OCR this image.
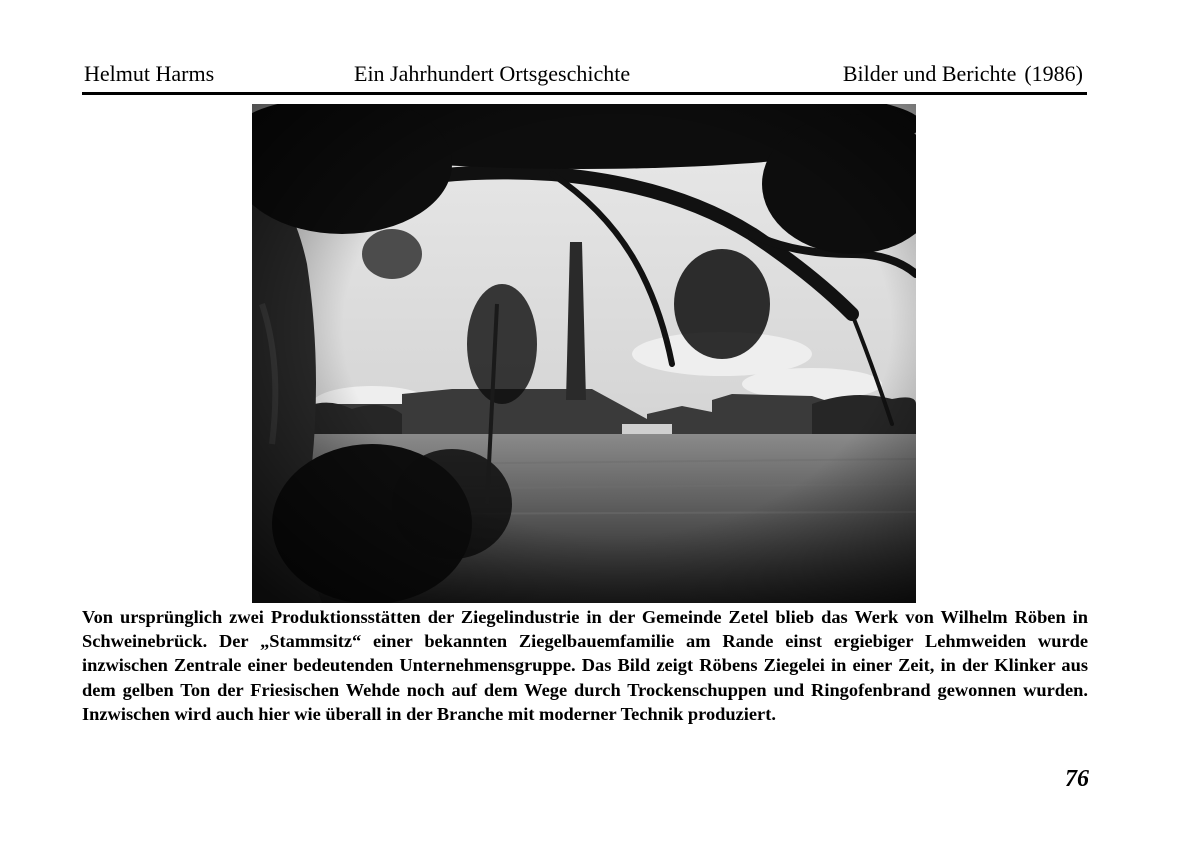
Helmut Harms	Ein Jahrhundert Ortsgeschichte	Bilder und Berichte (1986)
Von ursprünglich zwei Produktionsstätten der Ziegelindustrie in der Gemeinde Zetel blieb das Werk von Wilhelm Röben in Schweinebrück. Der „Stammsitz“ einer bekannten Ziegelbauemfamilie am Rande einst ergiebiger Lehmweiden wurde inzwischen Zentrale einer bedeutenden Unternehmensgruppe. Das Bild zeigt Röbens Ziegelei in einer Zeit, in der Klinker aus dem gelben Ton der Friesischen Wehde noch auf dem Wege durch Trockenschuppen und Ringofenbrand gewonnen wurden. Inzwischen wird auch hier wie überall in der Branche mit moderner Technik produziert.
76
